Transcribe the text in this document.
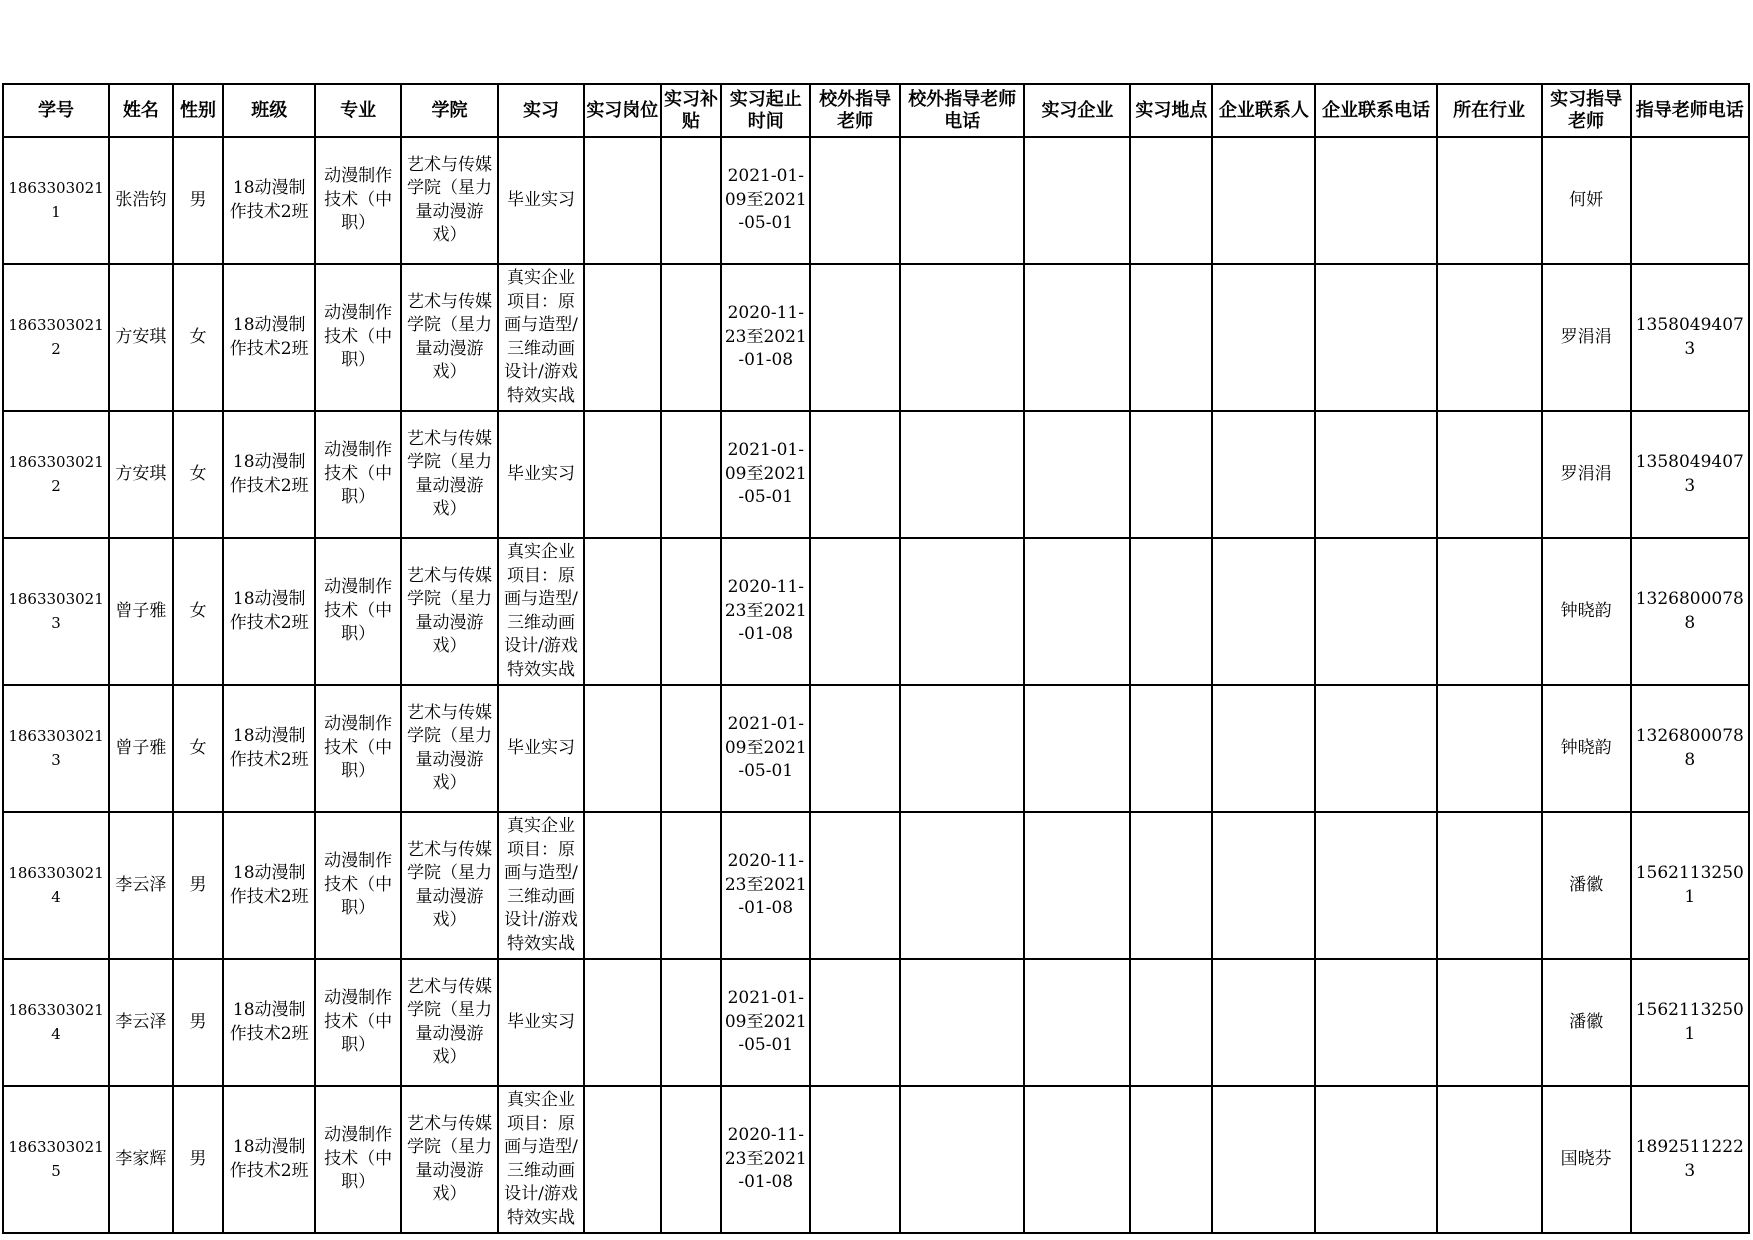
学号	姓名	性别	班级	专业	学院	实习	实习岗位	实习补贴	实习起止时间	校外指导老师	校外指导老师电话	实习企业	实习地点	企业联系人	企业联系电话	所在行业	实习指导老师	指导老师电话

18633030211	张浩钧	男	18动漫制作技术2班	动漫制作技术（中职）	艺术与传媒学院（星力量动漫游戏）	毕业实习			2021-01-09至2021-05-01								何妍	

18633030212	方安琪	女	18动漫制作技术2班	动漫制作技术（中职）	艺术与传媒学院（星力量动漫游戏）	真实企业项目：原画与造型/三维动画设计/游戏特效实战			2020-11-23至2021-01-08								罗涓涓	13580494073

18633030212	方安琪	女	18动漫制作技术2班	动漫制作技术（中职）	艺术与传媒学院（星力量动漫游戏）	毕业实习			2021-01-09至2021-05-01								罗涓涓	13580494073

18633030213	曾子雅	女	18动漫制作技术2班	动漫制作技术（中职）	艺术与传媒学院（星力量动漫游戏）	真实企业项目：原画与造型/三维动画设计/游戏特效实战			2020-11-23至2021-01-08								钟晓韵	13268000788

18633030213	曾子雅	女	18动漫制作技术2班	动漫制作技术（中职）	艺术与传媒学院（星力量动漫游戏）	毕业实习			2021-01-09至2021-05-01								钟晓韵	13268000788

18633030214	李云泽	男	18动漫制作技术2班	动漫制作技术（中职）	艺术与传媒学院（星力量动漫游戏）	真实企业项目：原画与造型/三维动画设计/游戏特效实战			2020-11-23至2021-01-08								潘徽	15621132501

18633030214	李云泽	男	18动漫制作技术2班	动漫制作技术（中职）	艺术与传媒学院（星力量动漫游戏）	毕业实习			2021-01-09至2021-05-01								潘徽	15621132501

18633030215	李家辉	男	18动漫制作技术2班	动漫制作技术（中职）	艺术与传媒学院（星力量动漫游戏）	真实企业项目：原画与造型/三维动画设计/游戏特效实战			2020-11-23至2021-01-08								国晓芬	18925112223
